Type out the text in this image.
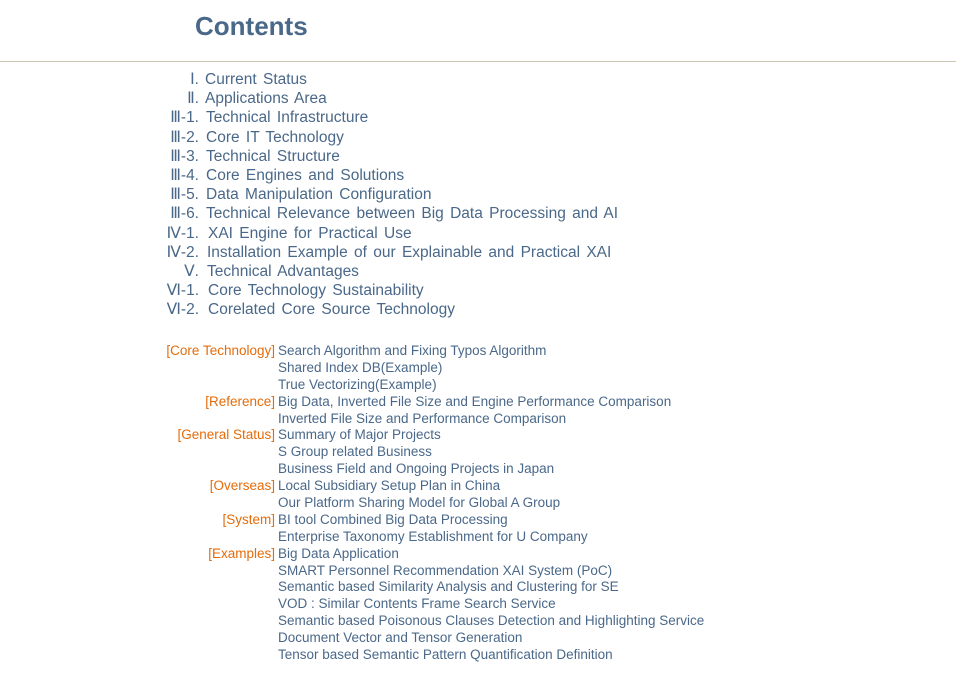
Contents
Ⅰ. Current Status
Ⅱ. Applications Area
Ⅲ-1. Technical Infrastructure
Ⅲ-2. Core IT Technology
Ⅲ-3. Technical Structure
Ⅲ-4. Core Engines and Solutions
Ⅲ-5. Data Manipulation Configuration
Ⅲ-6. Technical Relevance between Big Data Processing and AI
Ⅳ-1. XAI Engine for Practical Use
Ⅳ-2. Installation Example of our Explainable and Practical XAI
Ⅴ. Technical Advantages
Ⅵ-1. Core Technology Sustainability
Ⅵ-2. Corelated Core Source Technology
[Core Technology] Search Algorithm and Fixing Typos Algorithm
Shared Index DB(Example)
True Vectorizing(Example)
[Reference] Big Data, Inverted File Size and Engine Performance Comparison
Inverted File Size and Performance Comparison
[General Status] Summary of Major Projects
S Group related Business
Business Field and Ongoing Projects in Japan
[Overseas] Local Subsidiary Setup Plan in China
Our Platform Sharing Model for Global A Group
[System] BI tool Combined Big Data Processing
Enterprise Taxonomy Establishment for U Company
[Examples] Big Data Application
SMART Personnel Recommendation XAI System (PoC)
Semantic based Similarity Analysis and Clustering for SE
VOD : Similar Contents Frame Search Service
Semantic based Poisonous Clauses Detection and Highlighting Service
Document Vector and Tensor Generation
Tensor based Semantic Pattern Quantification Definition
